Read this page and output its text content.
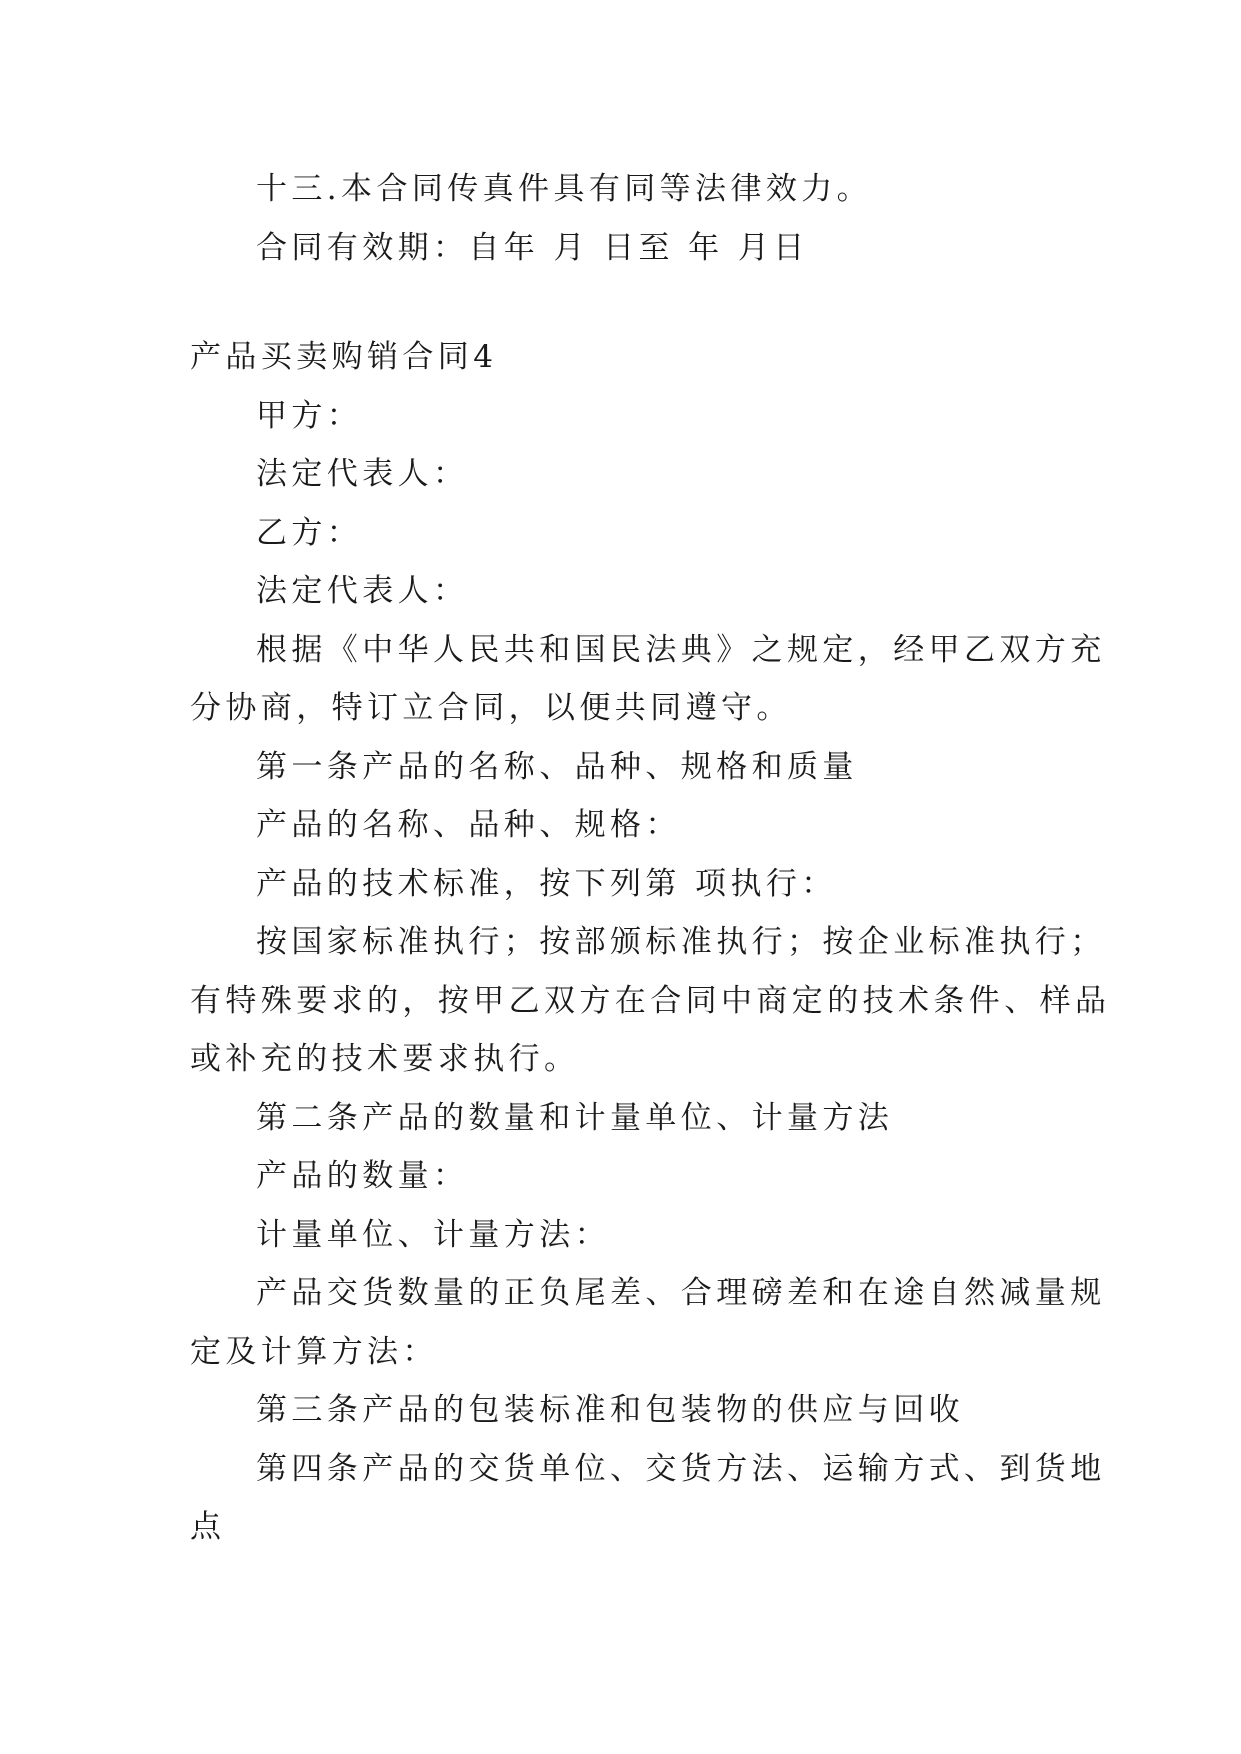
十三.本合同传真件具有同等法律效力。
合同有效期：自年 月 日至 年 月日
产品买卖购销合同4
甲方：
法定代表人：
乙方：
法定代表人：
根据《中华人民共和国民法典》之规定，经甲乙双方充
分协商，特订立合同，以便共同遵守。
第一条产品的名称、品种、规格和质量
产品的名称、品种、规格：
产品的技术标准，按下列第 项执行：
按国家标准执行；按部颁标准执行；按企业标准执行；
有特殊要求的，按甲乙双方在合同中商定的技术条件、样品
或补充的技术要求执行。
第二条产品的数量和计量单位、计量方法
产品的数量：
计量单位、计量方法：
产品交货数量的正负尾差、合理磅差和在途自然减量规
定及计算方法：
第三条产品的包装标准和包装物的供应与回收
第四条产品的交货单位、交货方法、运输方式、到货地
点
